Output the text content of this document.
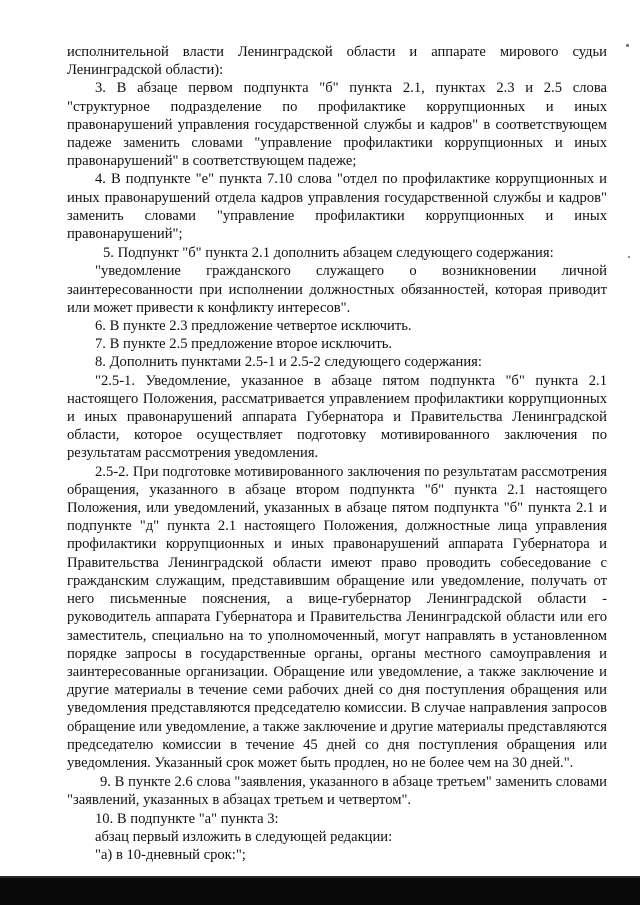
исполнительной власти Ленинградской области и аппарате мирового судьи Ленинградской области):

3. В абзаце первом подпункта "б" пункта 2.1, пунктах 2.3 и 2.5 слова "структурное подразделение по профилактике коррупционных и иных правонарушений управления государственной службы и кадров" в соответствующем падеже заменить словами "управление профилактики коррупционных и иных правонарушений" в соответствующем падеже;

4. В подпункте "е" пункта 7.10 слова "отдел по профилактике коррупционных и иных правонарушений отдела кадров управления государственной службы и кадров" заменить словами "управление профилактики коррупционных и иных правонарушений";

5. Подпункт "б" пункта 2.1 дополнить абзацем следующего содержания:

"уведомление гражданского служащего о возникновении личной заинтересованности при исполнении должностных обязанностей, которая приводит или может привести к конфликту интересов".

6. В пункте 2.3 предложение четвертое исключить.

7. В пункте 2.5 предложение второе исключить.

8. Дополнить пунктами 2.5-1 и 2.5-2 следующего содержания:

"2.5-1. Уведомление, указанное в абзаце пятом подпункта "б" пункта 2.1 настоящего Положения, рассматривается управлением профилактики коррупционных и иных правонарушений аппарата Губернатора и Правительства Ленинградской области, которое осуществляет подготовку мотивированного заключения по результатам рассмотрения уведомления.

2.5-2. При подготовке мотивированного заключения по результатам рассмотрения обращения, указанного в абзаце втором подпункта "б" пункта 2.1 настоящего Положения, или уведомлений, указанных в абзаце пятом подпункта "б" пункта 2.1 и подпункте "д" пункта 2.1 настоящего Положения, должностные лица управления профилактики коррупционных и иных правонарушений аппарата Губернатора и Правительства Ленинградской области имеют право проводить собеседование с гражданским служащим, представившим обращение или уведомление, получать от него письменные пояснения, а вице-губернатор Ленинградской области - руководитель аппарата Губернатора и Правительства Ленинградской области или его заместитель, специально на то уполномоченный, могут направлять в установленном порядке запросы в государственные органы, органы местного самоуправления и заинтересованные организации. Обращение или уведомление, а также заключение и другие материалы в течение семи рабочих дней со дня поступления обращения или уведомления представляются председателю комиссии. В случае направления запросов обращение или уведомление, а также заключение и другие материалы представляются председателю комиссии в течение 45 дней со дня поступления обращения или уведомления. Указанный срок может быть продлен, но не более чем на 30 дней.".

9. В пункте 2.6 слова "заявления, указанного в абзаце третьем" заменить словами "заявлений, указанных в абзацах третьем и четвертом".

10. В подпункте "а" пункта 3:

абзац первый изложить в следующей редакции:

"а) в 10-дневный срок:";
